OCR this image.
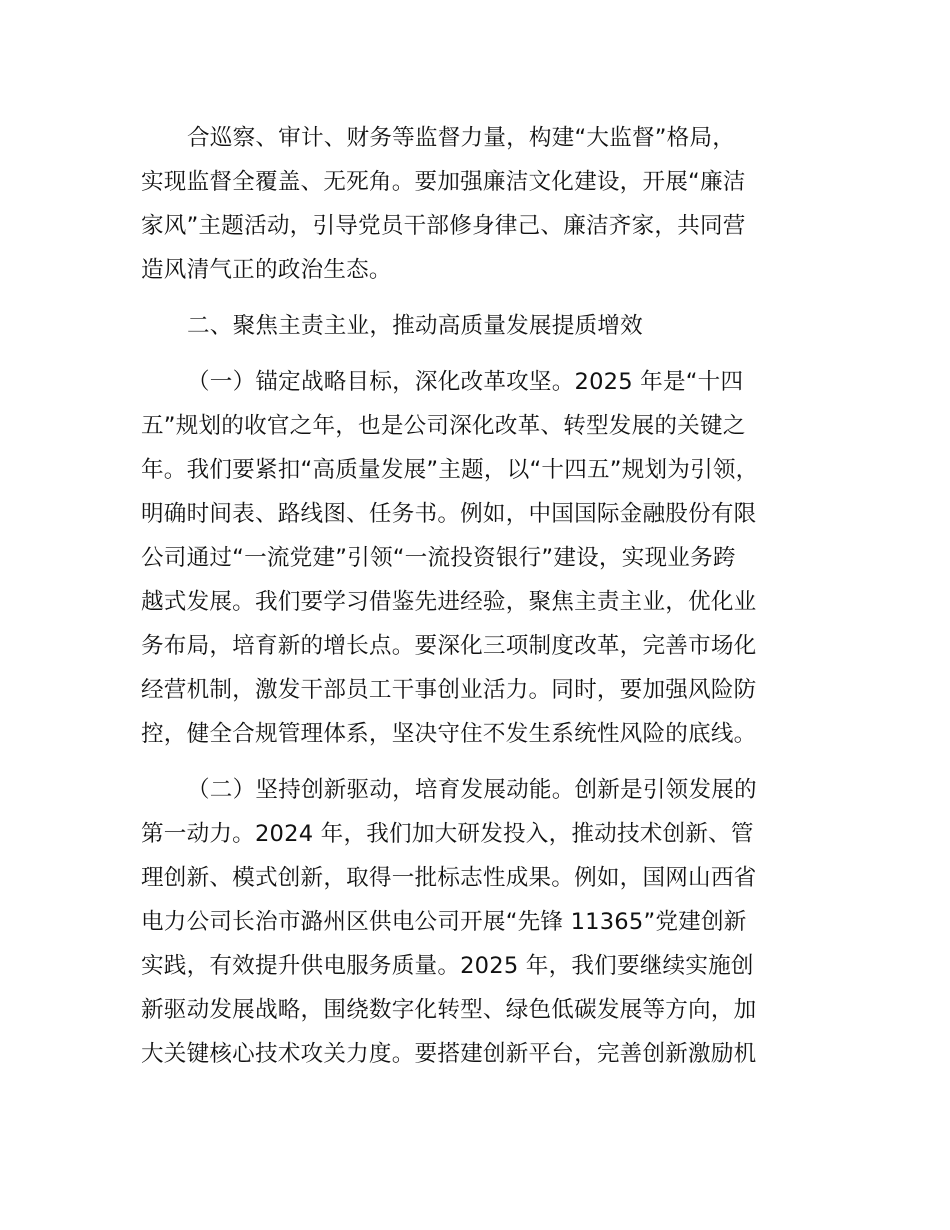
合巡察、审计、财务等监督力量，构建“大监督”格局，
实现监督全覆盖、无死角。要加强廉洁文化建设，开展“廉洁
家风”主题活动，引导党员干部修身律己、廉洁齐家，共同营
造风清气正的政治生态。
二、聚焦主责主业，推动高质量发展提质增效
（一）锚定战略目标，深化改革攻坚。2025 年是“十四
五”规划的收官之年，也是公司深化改革、转型发展的关键之
年。我们要紧扣“高质量发展”主题，以“十四五”规划为引领，
明确时间表、路线图、任务书。例如，中国国际金融股份有限
公司通过“一流党建”引领“一流投资银行”建设，实现业务跨
越式发展。我们要学习借鉴先进经验，聚焦主责主业，优化业
务布局，培育新的增长点。要深化三项制度改革，完善市场化
经营机制，激发干部员工干事创业活力。同时，要加强风险防
控，健全合规管理体系，坚决守住不发生系统性风险的底线。
（二）坚持创新驱动，培育发展动能。创新是引领发展的
第一动力。2024 年，我们加大研发投入，推动技术创新、管
理创新、模式创新，取得一批标志性成果。例如，国网山西省
电力公司长治市潞州区供电公司开展“先锋 11365”党建创新
实践，有效提升供电服务质量。2025 年，我们要继续实施创
新驱动发展战略，围绕数字化转型、绿色低碳发展等方向，加
大关键核心技术攻关力度。要搭建创新平台，完善创新激励机
